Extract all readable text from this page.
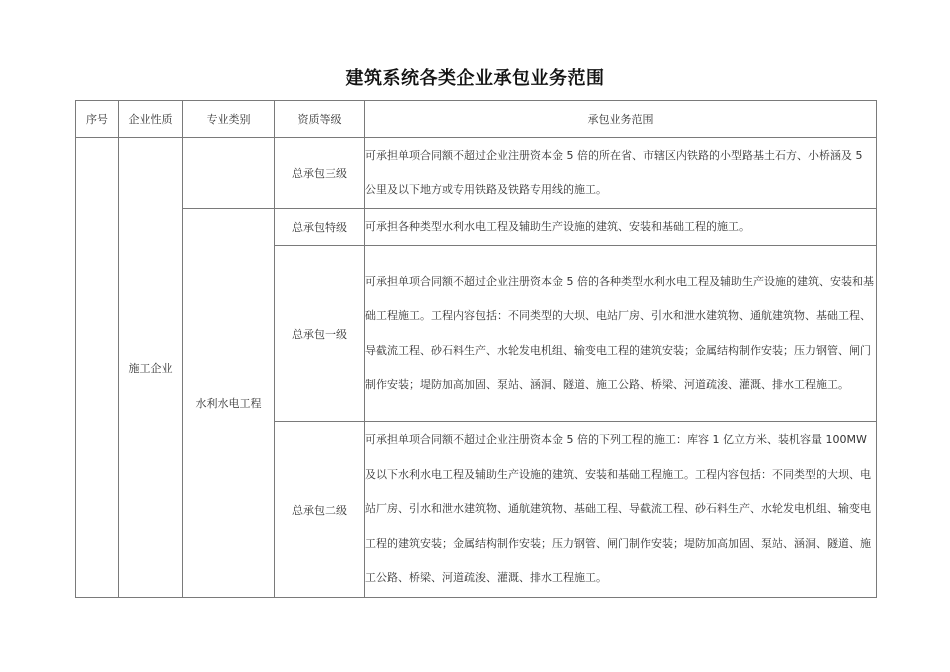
建筑系统各类企业承包业务范围
序号	企业性质	专业类别	资质等级	承包业务范围
	施工企业		总承包三级	可承担单项合同额不超过企业注册资本金 5 倍的所在省、市辖区内铁路的小型路基土石方、小桥涵及 5 公里及以下地方或专用铁路及铁路专用线的施工。
		水利水电工程	总承包特级	可承担各种类型水利水电工程及辅助生产设施的建筑、安装和基础工程的施工。
			总承包一级	可承担单项合同额不超过企业注册资本金 5 倍的各种类型水利水电工程及辅助生产设施的建筑、安装和基础工程施工。工程内容包括：不同类型的大坝、电站厂房、引水和泄水建筑物、通航建筑物、基础工程、导截流工程、砂石料生产、水轮发电机组、输变电工程的建筑安装；金属结构制作安装；压力钢管、闸门制作安装；堤防加高加固、泵站、涵洞、隧道、施工公路、桥梁、河道疏浚、灌溉、排水工程施工。
			总承包二级	可承担单项合同额不超过企业注册资本金 5 倍的下列工程的施工：库容 1 亿立方米、装机容量 100MW 及以下水利水电工程及辅助生产设施的建筑、安装和基础工程施工。工程内容包括：不同类型的大坝、电站厂房、引水和泄水建筑物、通航建筑物、基础工程、导截流工程、砂石料生产、水轮发电机组、输变电工程的建筑安装；金属结构制作安装；压力钢管、闸门制作安装；堤防加高加固、泵站、涵洞、隧道、施工公路、桥梁、河道疏浚、灌溉、排水工程施工。
